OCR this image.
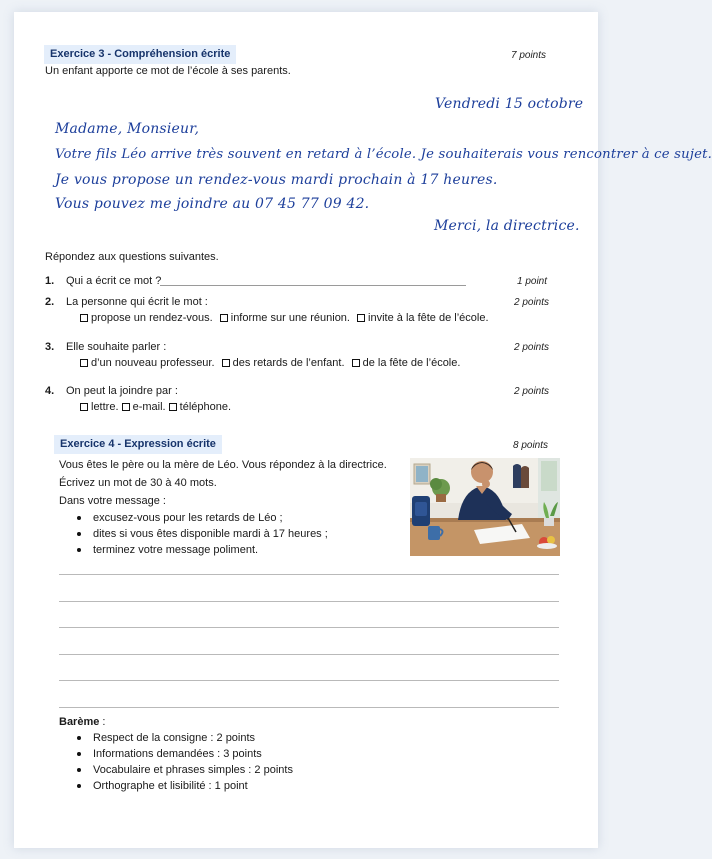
Exercice 3 - Compréhension écrite	7 points
Un enfant apporte ce mot de l’école à ses parents.
Vendredi 15 octobre
Madame, Monsieur,
Votre fils Léo arrive très souvent en retard à l’école. Je souhaiterais vous rencontrer à ce sujet.
Je vous propose un rendez-vous mardi prochain à 17 heures.
Vous pouvez me joindre au 07 45 77 09 42.
Merci, la directrice.
Répondez aux questions suivantes.
1. Qui a écrit ce mot ?	1 point
2. La personne qui écrit le mot :	2 points
propose un rendez-vous. informe sur une réunion. invite à la fête de l’école.
3. Elle souhaite parler :	2 points
d’un nouveau professeur. des retards de l’enfant. de la fête de l’école.
4. On peut la joindre par :	2 points
lettre. e-mail. téléphone.
Exercice 4 - Expression écrite	8 points
Vous êtes le père ou la mère de Léo. Vous répondez à la directrice.
Écrivez un mot de 30 à 40 mots.
Dans votre message :
excusez-vous pour les retards de Léo ;
dites si vous êtes disponible mardi à 17 heures ;
terminez votre message poliment.
Barème :
Respect de la consigne : 2 points
Informations demandées : 3 points
Vocabulaire et phrases simples : 2 points
Orthographe et lisibilité : 1 point
